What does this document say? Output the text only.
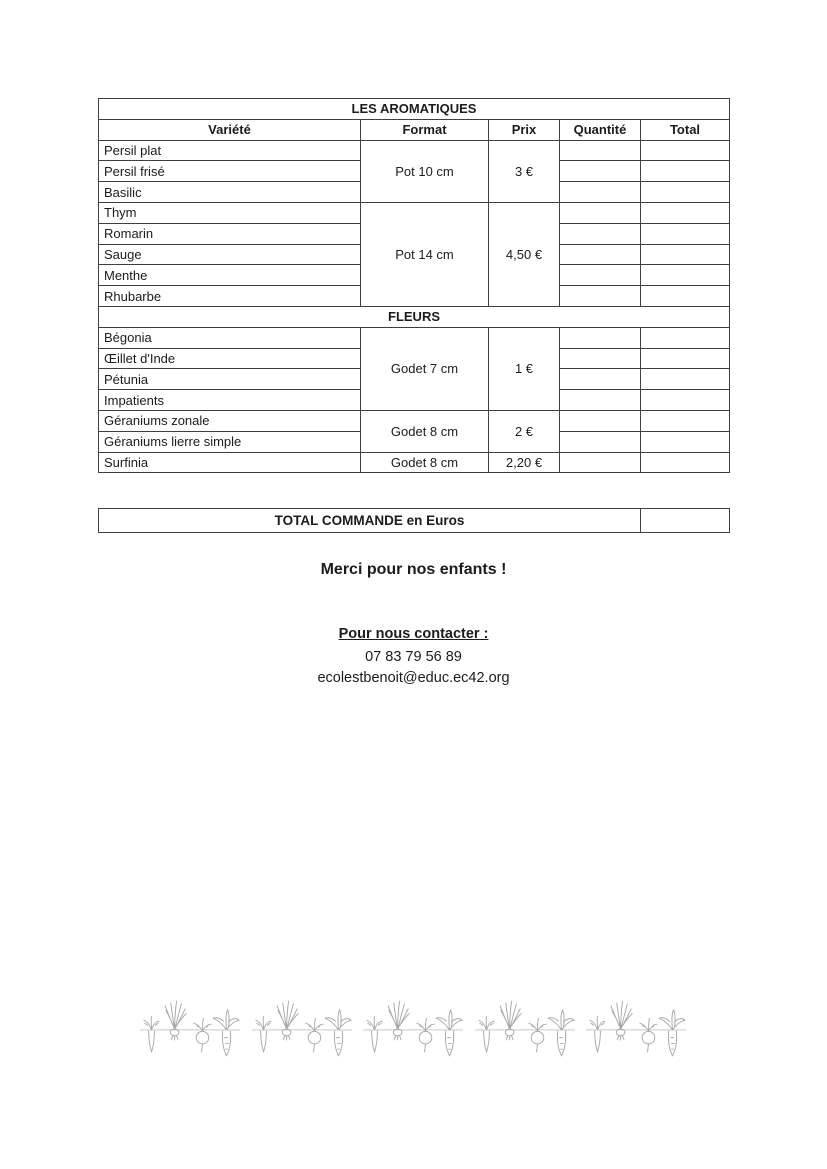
LES AROMATIQUES				
Variété	Format	Prix	Quantité	Total
Persil plat	Pot 10 cm	3 €		
Persil frisé				
Basilic				
Thym	Pot 14 cm	4,50 €		
Romarin				
Sauge				
Menthe				
Rhubarbe				
FLEURS				
Bégonia	Godet 7 cm	1 €		
Œillet d'Inde				
Pétunia				
Impatients				
Géraniums zonale	Godet 8 cm	2 €		
Géraniums lierre simple				
Surfinia	Godet 8 cm	2,20 €		
TOTAL COMMANDE en Euros	
Merci pour nos enfants !
Pour nous contacter :
07 83 79 56 89
ecolestbenoit@educ.ec42.org
